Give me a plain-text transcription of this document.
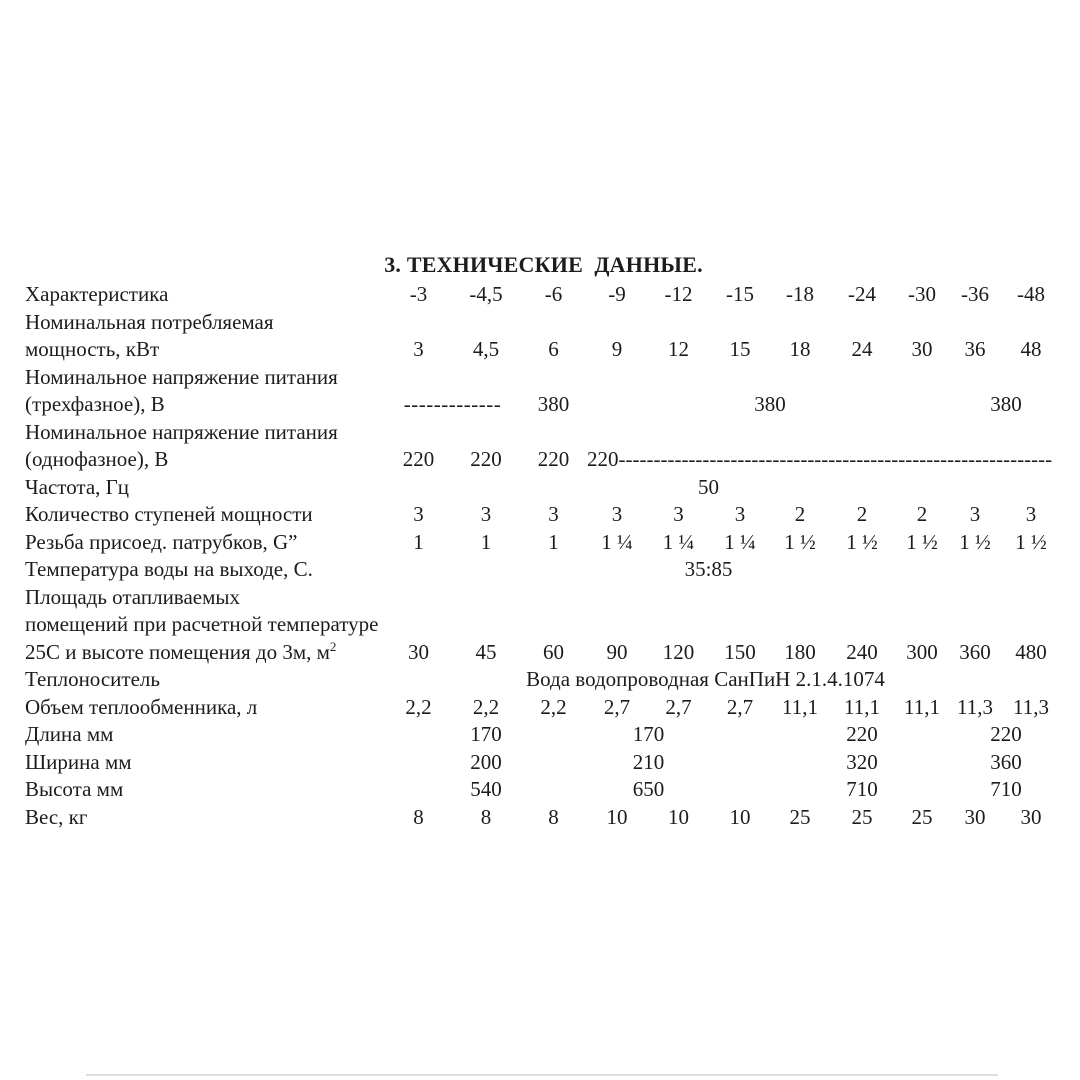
3. ТЕХНИЧЕСКИЕ  ДАННЫЕ.
Характеристика	-3	-4,5	-6	-9	-12	-15	-18	-24	-30	-36	-48
Номинальная потребляемая
мощность, кВт	3	4,5	6	9	12	15	18	24	30	36	48
Номинальное напряжение питания
(трехфазное), В	-------------	380	380	380
Номинальное напряжение питания
(однофазное), В	220	220	220 220--------------------------------------------------------------
Частота, Гц	50
Количество ступеней мощности	3	3	3	3	3	3	2	2	2	3	3
Резьба присоед. патрубков, G”	1	1	1	1 ¼	1 ¼	1 ¼	1 ½	1 ½	1 ½	1 ½	1 ½
Температура воды на выходе, С.	35:85
Площадь отапливаемых
помещений при расчетной температуре
25С и высоте помещения до 3м, $м^2$	30	45	60	90	120	150	180	240	300	360	480
Теплоноситель	Вода водопроводная СанПиН 2.1.4.1074
Объем теплообменника, л	2,2	2,2	2,2	2,7	2,7	2,7	11,1	11,1	11,1 11,3 11,3
Длина мм	170	170	220	220
Ширина мм	200	210	320	360
Высота мм	540	650	710	710
Вес, кг	8	8	8	10	10	10	25	25	25	30	30
